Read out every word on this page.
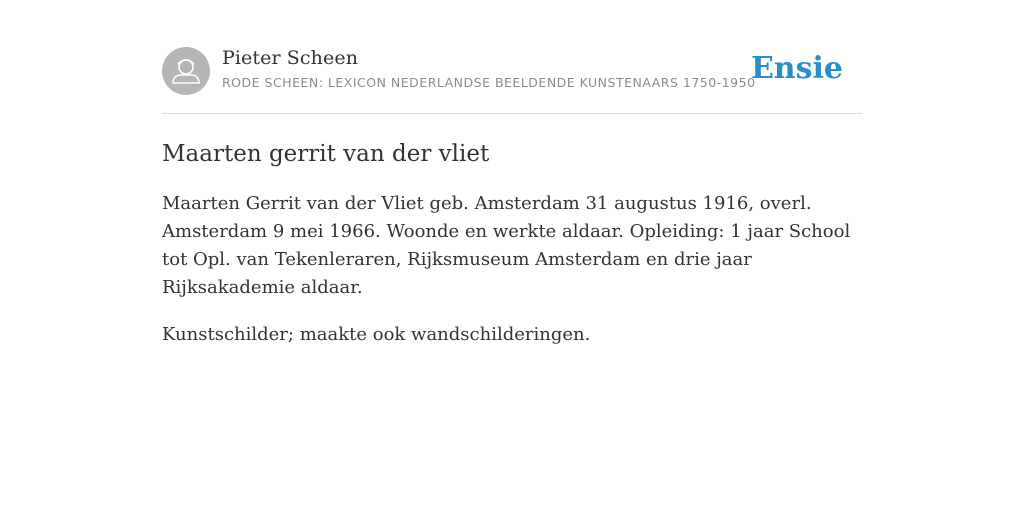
Pieter Scheen
RODE SCHEEN: LEXICON NEDERLANDSE BEELDENDE KUNSTENAARS 1750-1950
Ensie
Maarten gerrit van der vliet

Maarten Gerrit van der Vliet geb. Amsterdam 31 augustus 1916, overl. Amsterdam 9 mei 1966. Woonde en werkte aldaar. Opleiding: 1 jaar School tot Opl. van Tekenleraren, Rijksmuseum Amsterdam en drie jaar Rijksakademie aldaar.

Kunstschilder; maakte ook wandschilderingen.
